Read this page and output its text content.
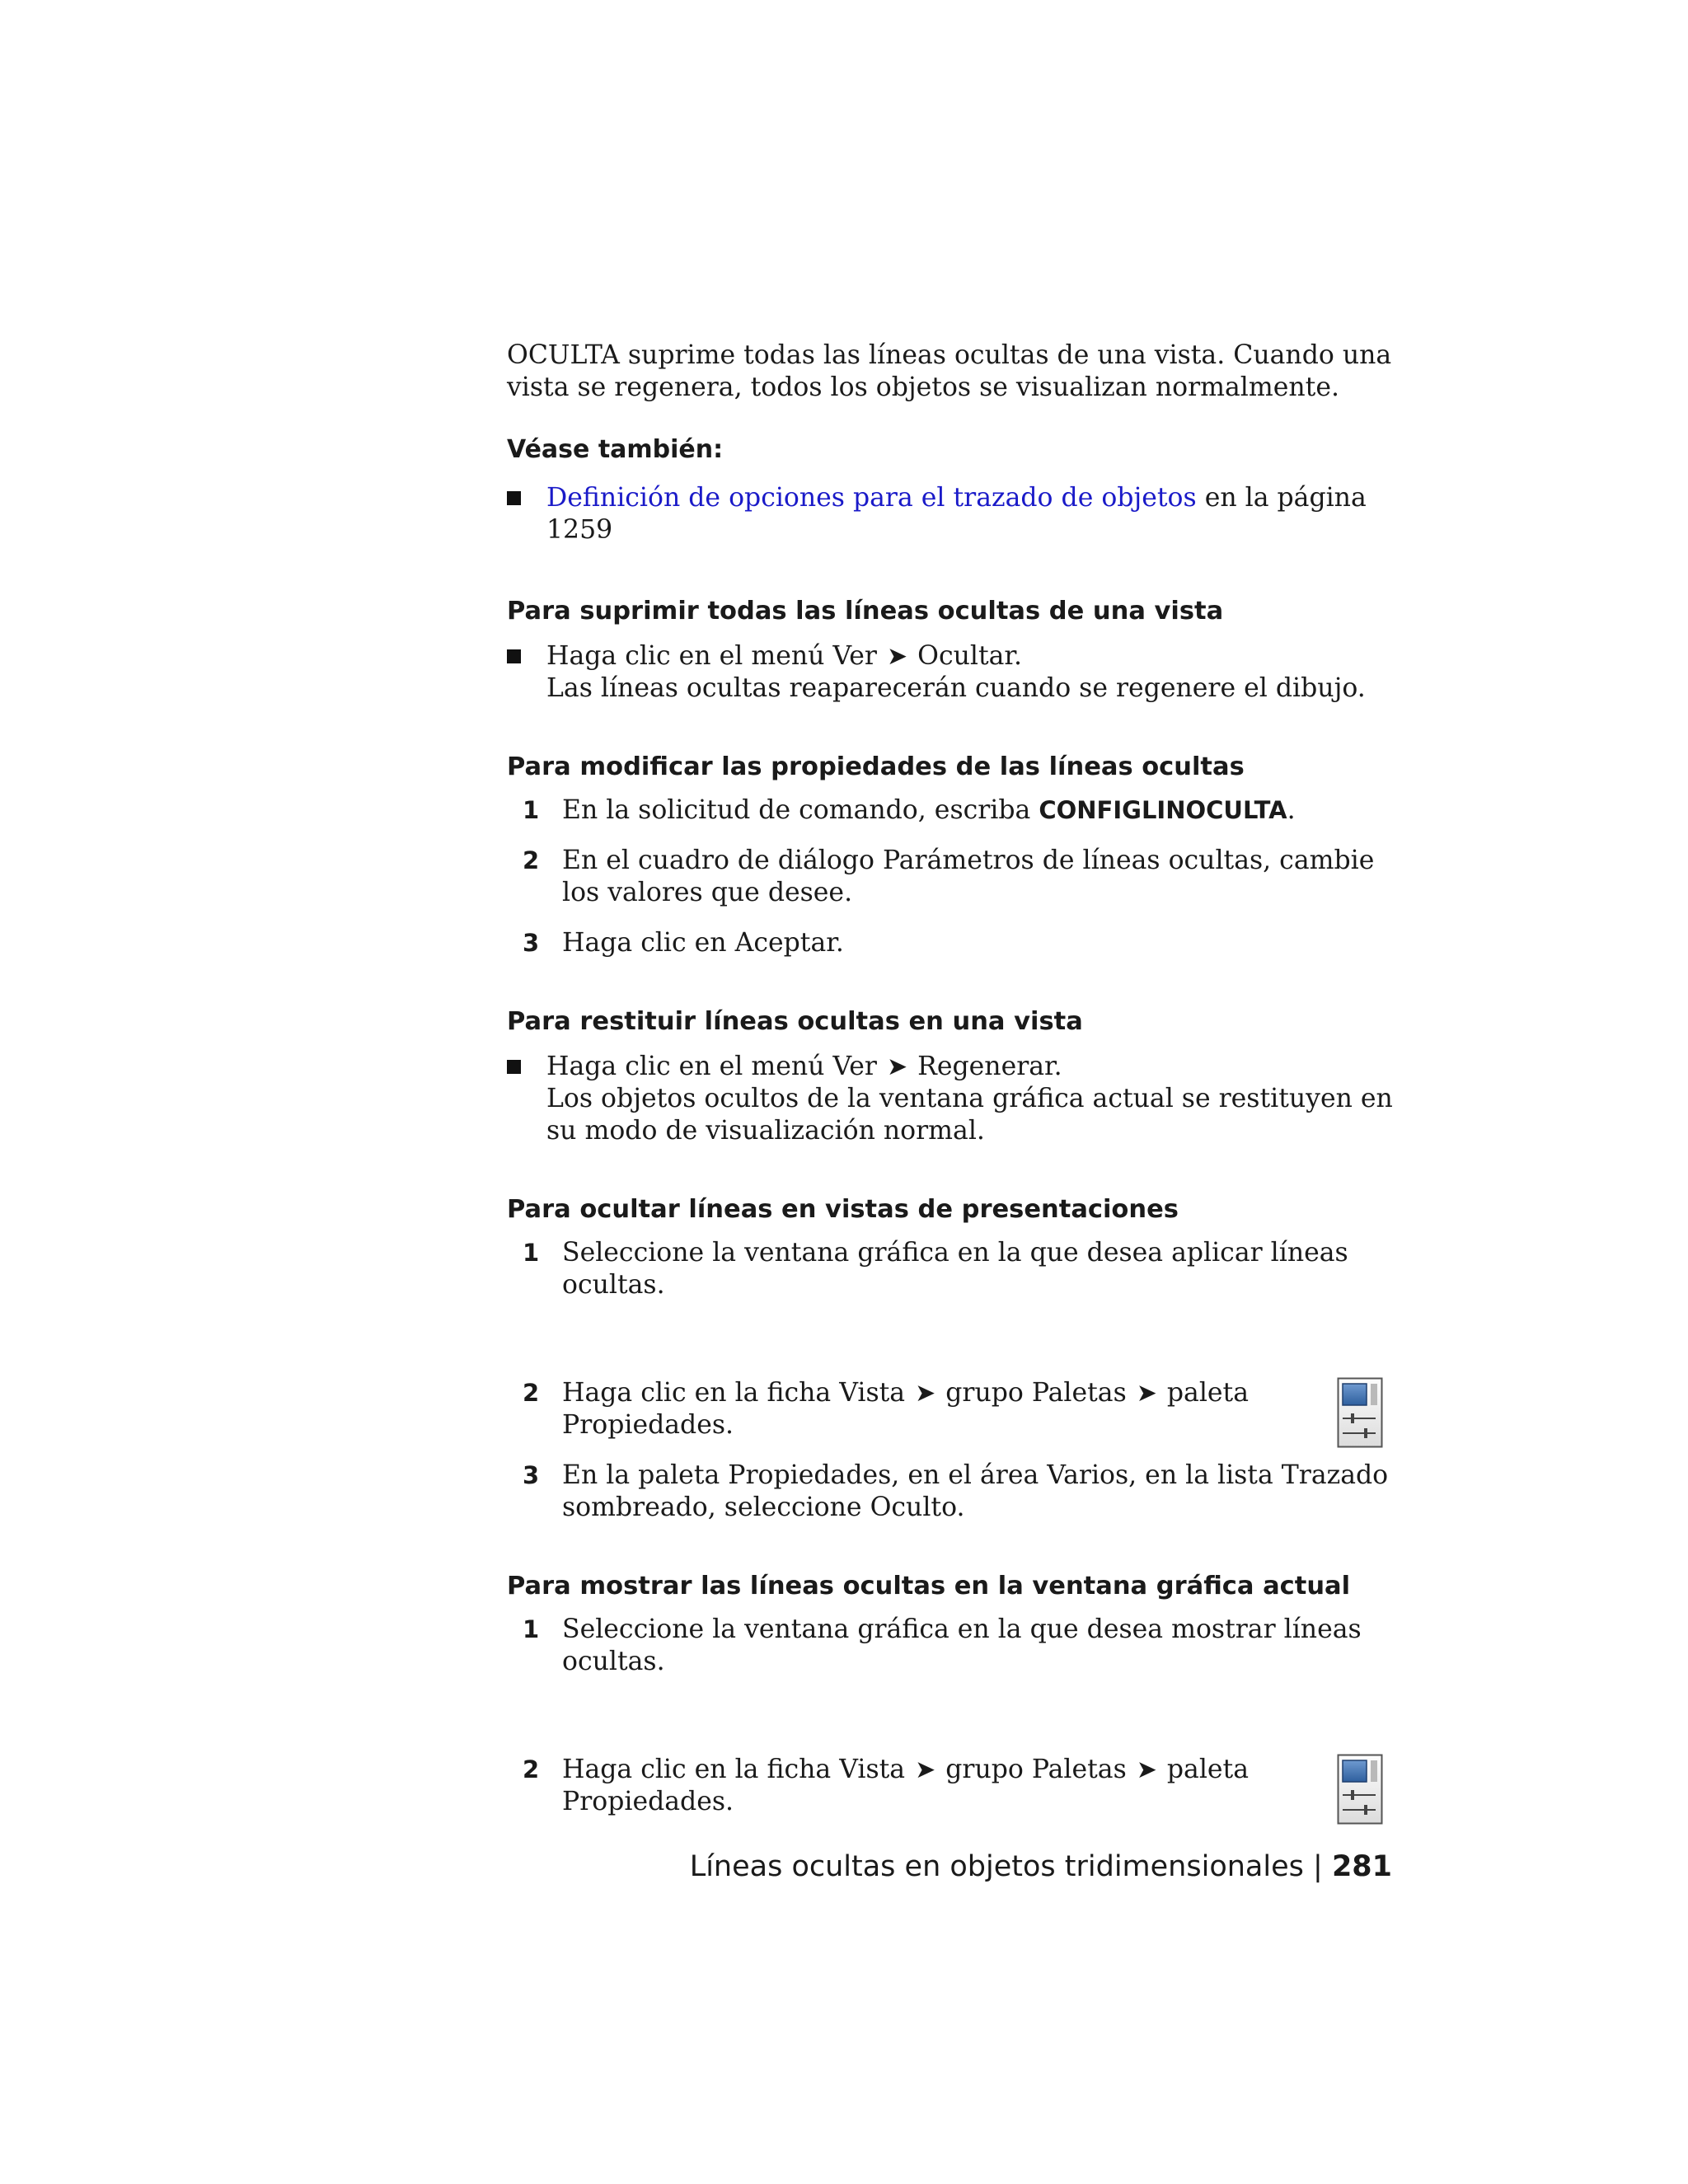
OCULTA suprime todas las líneas ocultas de una vista. Cuando una vista se regenera, todos los objetos se visualizan normalmente.

Véase también:

Definición de opciones para el trazado de objetos en la página 1259

Para suprimir todas las líneas ocultas de una vista

Haga clic en el menú Ver ➤ Ocultar.
Las líneas ocultas reaparecerán cuando se regenere el dibujo.

Para modificar las propiedades de las líneas ocultas

1 En la solicitud de comando, escriba CONFIGLINOCULTA.
2 En el cuadro de diálogo Parámetros de líneas ocultas, cambie los valores que desee.
3 Haga clic en Aceptar.

Para restituir líneas ocultas en una vista

Haga clic en el menú Ver ➤ Regenerar.
Los objetos ocultos de la ventana gráfica actual se restituyen en su modo de visualización normal.

Para ocultar líneas en vistas de presentaciones

1 Seleccione la ventana gráfica en la que desea aplicar líneas ocultas.
2 Haga clic en la ficha Vista ➤ grupo Paletas ➤ paleta Propiedades.
3 En la paleta Propiedades, en el área Varios, en la lista Trazado sombreado, seleccione Oculto.

Para mostrar las líneas ocultas en la ventana gráfica actual

1 Seleccione la ventana gráfica en la que desea mostrar líneas ocultas.
2 Haga clic en la ficha Vista ➤ grupo Paletas ➤ paleta Propiedades.
Líneas ocultas en objetos tridimensionales | 281
